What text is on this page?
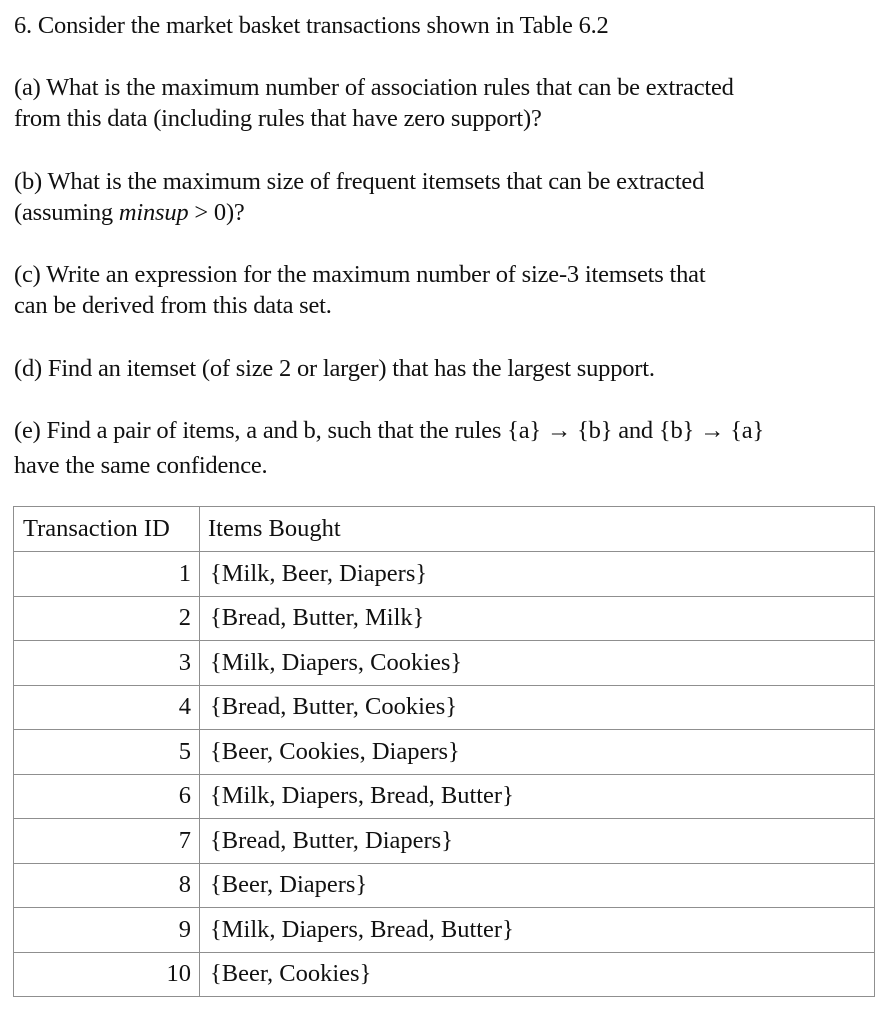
6. Consider the market basket transactions shown in Table 6.2
(a) What is the maximum number of association rules that can be extracted
from this data (including rules that have zero support)?
(b) What is the maximum size of frequent itemsets that can be extracted
(assuming minsup > 0)?
(c) Write an expression for the maximum number of size-3 itemsets that
can be derived from this data set.
(d) Find an itemset (of size 2 or larger) that has the largest support.
(e) Find a pair of items, a and b, such that the rules {a} → {b} and {b} → {a}
have the same confidence.
Transaction ID	Items Bought
1	{Milk, Beer, Diapers}
2	{Bread, Butter, Milk}
3	{Milk, Diapers, Cookies}
4	{Bread, Butter, Cookies}
5	{Beer, Cookies, Diapers}
6	{Milk, Diapers, Bread, Butter}
7	{Bread, Butter, Diapers}
8	{Beer, Diapers}
9	{Milk, Diapers, Bread, Butter}
10	{Beer, Cookies}
